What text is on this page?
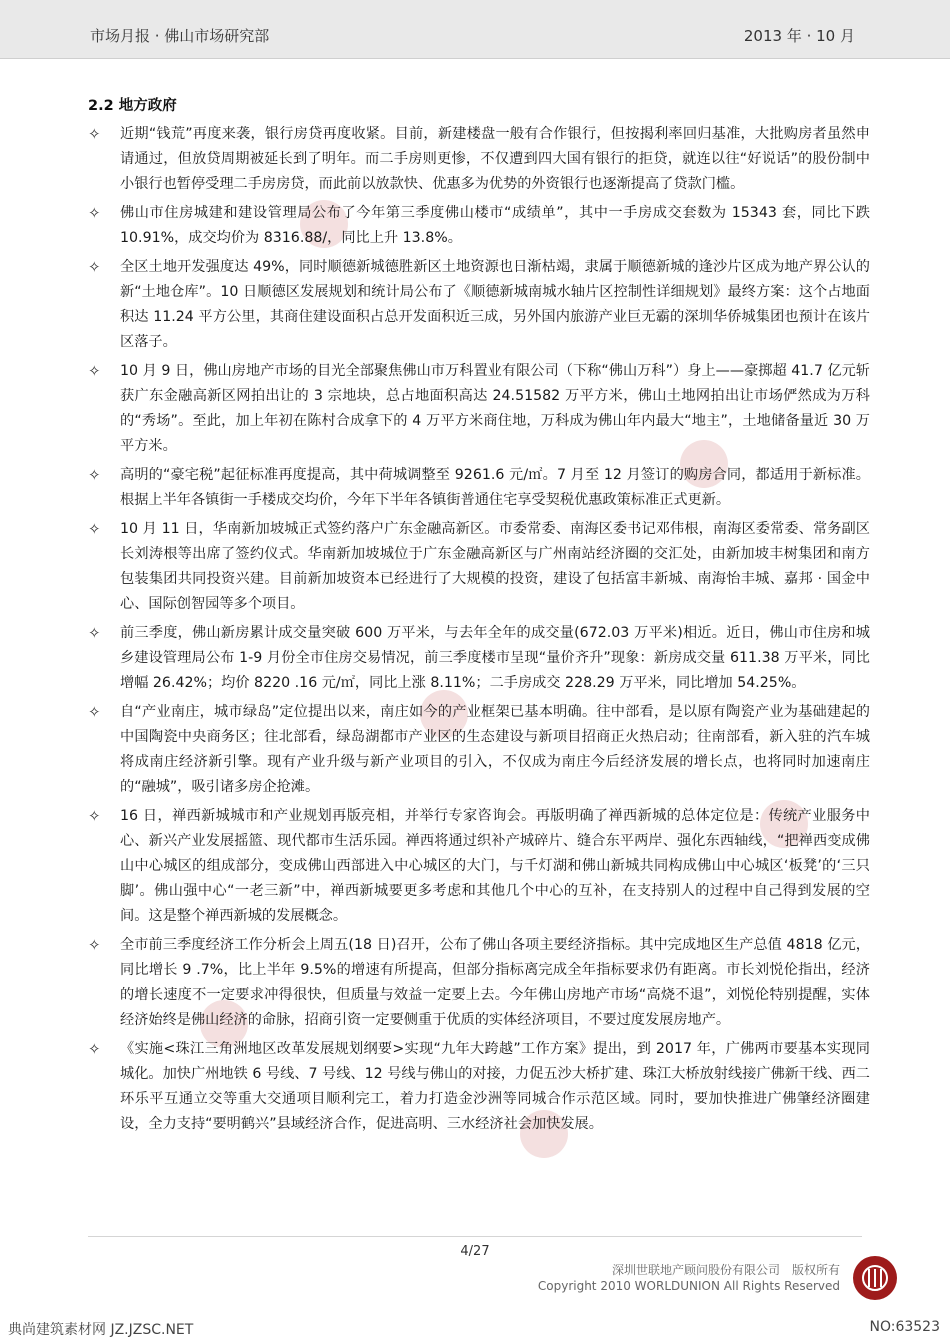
市场月报 · 佛山市场研究部	2013 年 · 10 月
2.2 地方政府
✧	近期“钱荒”再度来袭，银行房贷再度收紧。目前，新建楼盘一般有合作银行，但按揭利率回归基准，大批购房者虽然申请通过，但放贷周期被延长到了明年。而二手房则更惨，不仅遭到四大国有银行的拒贷，就连以往“好说话”的股份制中小银行也暂停受理二手房房贷，而此前以放款快、优惠多为优势的外资银行也逐渐提高了贷款门槛。
✧	佛山市住房城建和建设管理局公布了今年第三季度佛山楼市“成绩单”，其中一手房成交套数为 15343 套，同比下跌 10.91%，成交均价为 8316.88/，同比上升 13.8%。
✧	全区土地开发强度达 49%，同时顺德新城德胜新区土地资源也日渐枯竭，隶属于顺德新城的逢沙片区成为地产界公认的新“土地仓库”。10 日顺德区发展规划和统计局公布了《顺德新城南城水轴片区控制性详细规划》最终方案：这个占地面积达 11.24 平方公里，其商住建设面积占总开发面积近三成，另外国内旅游产业巨无霸的深圳华侨城集团也预计在该片区落子。
✧	10 月 9 日，佛山房地产市场的目光全部聚焦佛山市万科置业有限公司（下称“佛山万科”）身上——豪掷超 41.7 亿元斩获广东金融高新区网拍出让的 3 宗地块，总占地面积高达 24.51582 万平方米，佛山土地网拍出让市场俨然成为万科的“秀场”。至此，加上年初在陈村合成拿下的 4 万平方米商住地，万科成为佛山年内最大“地主”，土地储备量近 30 万平方米。
✧	高明的“豪宅税”起征标准再度提高，其中荷城调整至 9261.6 元/㎡。7 月至 12 月签订的购房合同，都适用于新标准。根据上半年各镇街一手楼成交均价，今年下半年各镇街普通住宅享受契税优惠政策标准正式更新。
✧	10 月 11 日，华南新加坡城正式签约落户广东金融高新区。市委常委、南海区委书记邓伟根，南海区委常委、常务副区长刘涛根等出席了签约仪式。华南新加坡城位于广东金融高新区与广州南站经济圈的交汇处，由新加坡丰树集团和南方包装集团共同投资兴建。目前新加坡资本已经进行了大规模的投资，建设了包括富丰新城、南海怡丰城、嘉邦 · 国金中心、国际创智园等多个项目。
✧	前三季度，佛山新房累计成交量突破 600 万平米，与去年全年的成交量(672.03 万平米)相近。近日，佛山市住房和城乡建设管理局公布 1-9 月份全市住房交易情况，前三季度楼市呈现“量价齐升”现象：新房成交量 611.38 万平米，同比增幅 26.42%；均价 8220 .16 元/㎡，同比上涨 8.11%；二手房成交 228.29 万平米，同比增加 54.25%。
✧	自“产业南庄，城市绿岛”定位提出以来，南庄如今的产业框架已基本明确。往中部看，是以原有陶瓷产业为基础建起的中国陶瓷中央商务区；往北部看，绿岛湖都市产业区的生态建设与新项目招商正火热启动；往南部看，新入驻的汽车城将成南庄经济新引擎。现有产业升级与新产业项目的引入，不仅成为南庄今后经济发展的增长点，也将同时加速南庄的“融城”，吸引诸多房企抢滩。
✧	16 日，禅西新城城市和产业规划再版亮相，并举行专家咨询会。再版明确了禅西新城的总体定位是：传统产业服务中心、新兴产业发展摇篮、现代都市生活乐园。禅西将通过织补产城碎片、缝合东平两岸、强化东西轴线，“把禅西变成佛山中心城区的组成部分，变成佛山西部进入中心城区的大门，与千灯湖和佛山新城共同构成佛山中心城区‘板凳’的‘三只脚’。佛山强中心“一老三新”中，禅西新城要更多考虑和其他几个中心的互补，在支持别人的过程中自己得到发展的空间。这是整个禅西新城的发展概念。
✧	全市前三季度经济工作分析会上周五(18 日)召开，公布了佛山各项主要经济指标。其中完成地区生产总值 4818 亿元，同比增长 9 .7%，比上半年 9.5%的增速有所提高，但部分指标离完成全年指标要求仍有距离。市长刘悦伦指出，经济的增长速度不一定要求冲得很快，但质量与效益一定要上去。今年佛山房地产市场“高烧不退”，刘悦伦特别提醒，实体经济始终是佛山经济的命脉，招商引资一定要侧重于优质的实体经济项目，不要过度发展房地产。
✧	《实施<珠江三角洲地区改革发展规划纲要>实现“九年大跨越”工作方案》提出，到 2017 年，广佛两市要基本实现同城化。加快广州地铁 6 号线、7 号线、12 号线与佛山的对接，力促五沙大桥扩建、珠江大桥放射线接广佛新干线、西二环乐平互通立交等重大交通项目顺利完工，着力打造金沙洲等同城合作示范区域。同时，要加快推进广佛肇经济圈建设，全力支持“要明鹤兴”县域经济合作，促进高明、三水经济社会加快发展。
4/27
深圳世联地产顾问股份有限公司　版权所有
Copyright 2010 WORLDUNION All Rights Reserved
典尚建筑素材网 JZ.JZSC.NET	NO:63523
